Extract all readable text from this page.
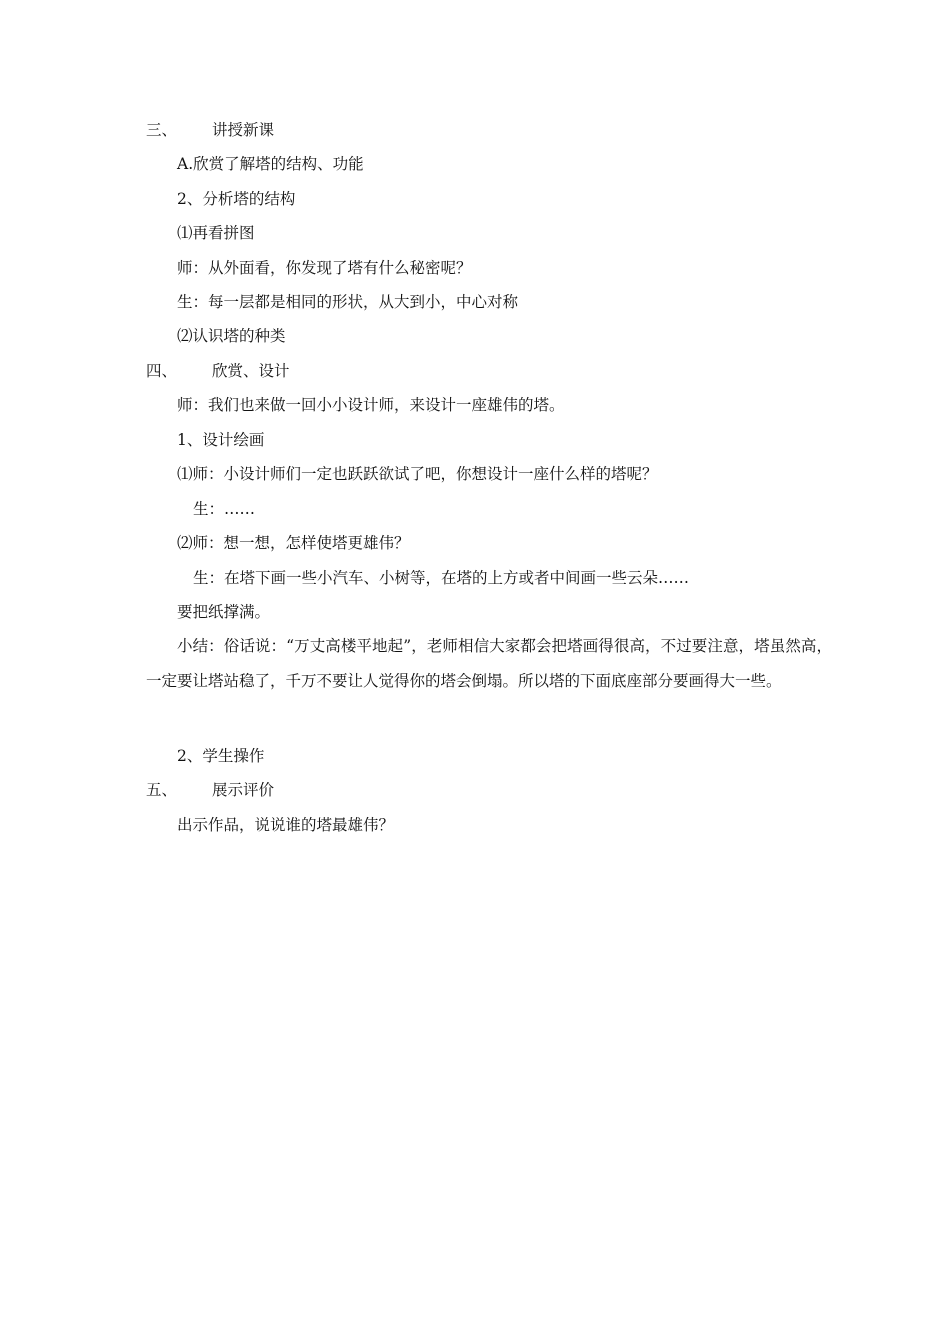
三、 讲授新课
A.欣赏了解塔的结构、功能
2、分析塔的结构
⑴再看拼图
师：从外面看，你发现了塔有什么秘密呢？
生：每一层都是相同的形状，从大到小，中心对称
⑵认识塔的种类
四、 欣赏、设计
师：我们也来做一回小小设计师，来设计一座雄伟的塔。
1、设计绘画
⑴师：小设计师们一定也跃跃欲试了吧，你想设计一座什么样的塔呢？
生：……
⑵师：想一想，怎样使塔更雄伟？
生：在塔下画一些小汽车、小树等，在塔的上方或者中间画一些云朵……
要把纸撑满。
小结：俗话说：“万丈高楼平地起”，老师相信大家都会把塔画得很高，不过要注意，塔虽然高，一定要让塔站稳了，千万不要让人觉得你的塔会倒塌。所以塔的下面底座部分要画得大一些。
2、学生操作
五、 展示评价
出示作品，说说谁的塔最雄伟？
